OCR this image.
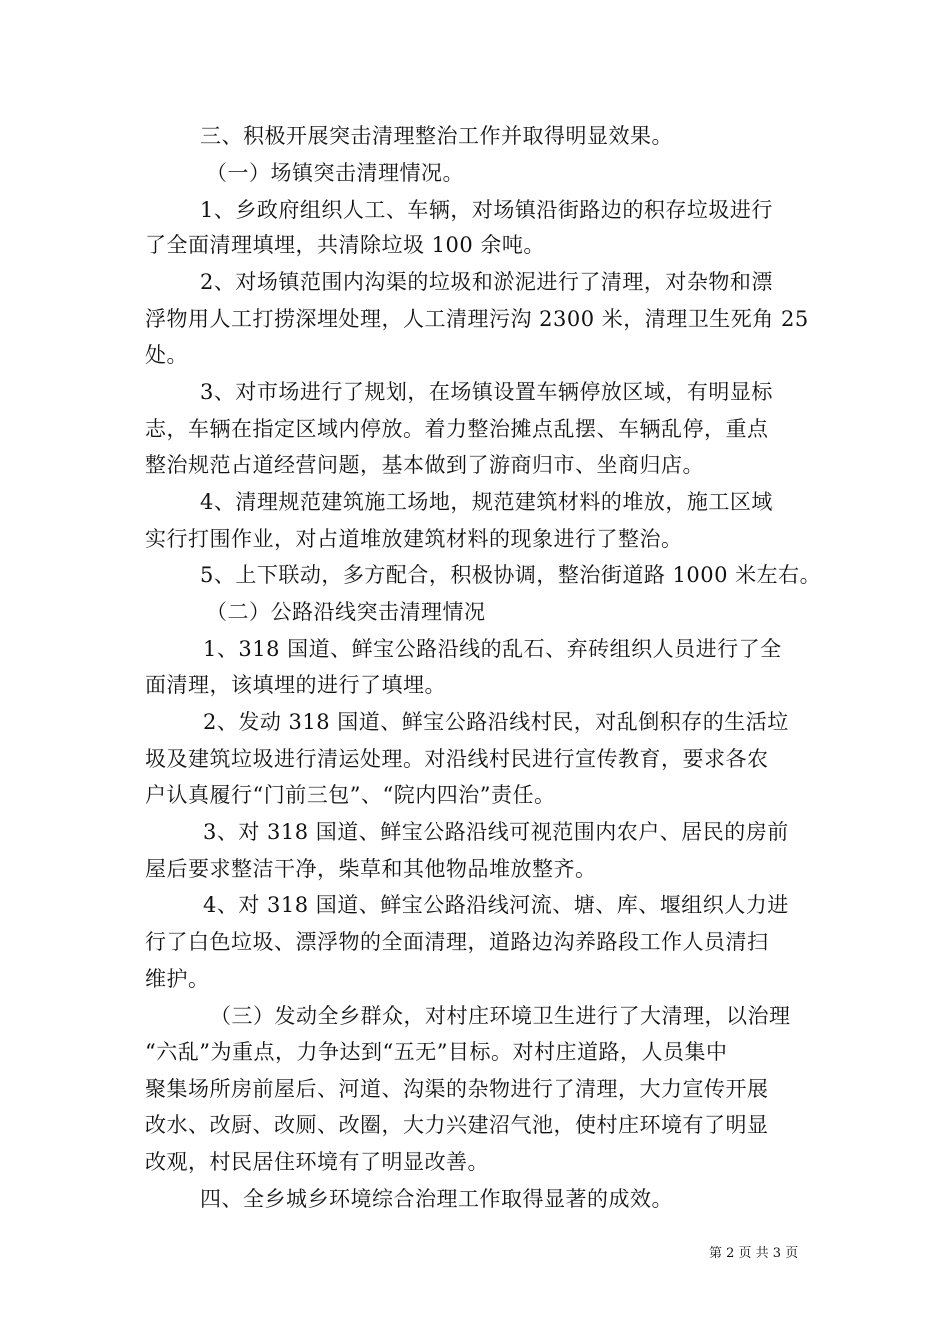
三、积极开展突击清理整治工作并取得明显效果。
（一）场镇突击清理情况。
1、乡政府组织人工、车辆，对场镇沿街路边的积存垃圾进行
了全面清理填埋，共清除垃圾 100 余吨。
2、对场镇范围内沟渠的垃圾和淤泥进行了清理，对杂物和漂
浮物用人工打捞深埋处理，人工清理污沟 2300 米，清理卫生死角 25
处。
3、对市场进行了规划，在场镇设置车辆停放区域，有明显标
志，车辆在指定区域内停放。着力整治摊点乱摆、车辆乱停，重点
整治规范占道经营问题，基本做到了游商归市、坐商归店。
4、清理规范建筑施工场地，规范建筑材料的堆放，施工区域
实行打围作业，对占道堆放建筑材料的现象进行了整治。
5、上下联动，多方配合，积极协调，整治街道路 1000 米左右。
（二）公路沿线突击清理情况
1、318 国道、鲜宝公路沿线的乱石、弃砖组织人员进行了全
面清理，该填埋的进行了填埋。
2、发动 318 国道、鲜宝公路沿线村民，对乱倒积存的生活垃
圾及建筑垃圾进行清运处理。对沿线村民进行宣传教育，要求各农
户认真履行“门前三包”、“院内四治”责任。
3、对 318 国道、鲜宝公路沿线可视范围内农户、居民的房前
屋后要求整洁干净，柴草和其他物品堆放整齐。
4、对 318 国道、鲜宝公路沿线河流、塘、库、堰组织人力进
行了白色垃圾、漂浮物的全面清理，道路边沟养路段工作人员清扫
维护。
（三）发动全乡群众，对村庄环境卫生进行了大清理，以治理
“六乱”为重点，力争达到“五无”目标。对村庄道路，人员集中
聚集场所房前屋后、河道、沟渠的杂物进行了清理，大力宣传开展
改水、改厨、改厕、改圈，大力兴建沼气池，使村庄环境有了明显
改观，村民居住环境有了明显改善。
四、全乡城乡环境综合治理工作取得显著的成效。
第 2 页 共 3 页
